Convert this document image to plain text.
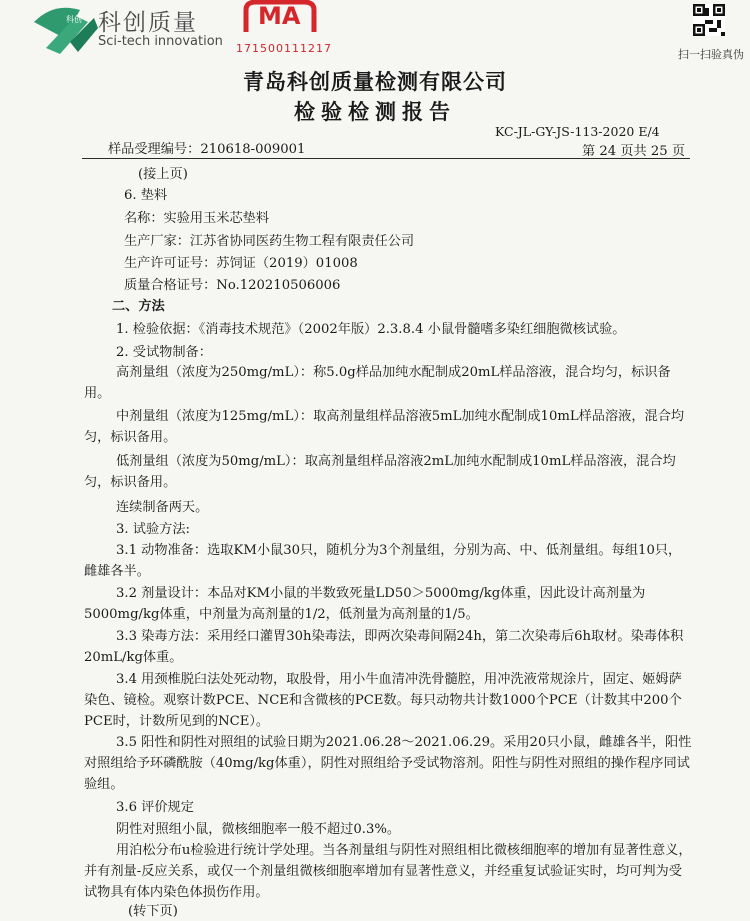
科创 科创质量
Sci-tech innovation
MA
171500111217	扫一扫验真伪
青岛科创质量检测有限公司
检验检测报告
KC-JL-GY-JS-113-2020 E/4
样品受理编号：210618-009001	第 24 页共 25 页
(接上页)
6. 垫料
名称：实验用玉米芯垫料
生产厂家：江苏省协同医药生物工程有限责任公司
生产许可证号：苏饲证（2019）01008
质量合格证号：No.120210506006
二、方法
1. 检验依据：《消毒技术规范》（2002年版）2.3.8.4 小鼠骨髓嗜多染红细胞微核试验。
2. 受试物制备：
高剂量组（浓度为250mg/mL）：称5.0g样品加纯水配制成20mL样品溶液，混合均匀，标识备用。
中剂量组（浓度为125mg/mL）：取高剂量组样品溶液5mL加纯水配制成10mL样品溶液，混合均匀，标识备用。
低剂量组（浓度为50mg/mL）：取高剂量组样品溶液2mL加纯水配制成10mL样品溶液，混合均匀，标识备用。
连续制备两天。
3. 试验方法:
3.1 动物准备：选取KM小鼠30只，随机分为3个剂量组，分别为高、中、低剂量组。每组10只，雌雄各半。
3.2 剂量设计：本品对KM小鼠的半数致死量LD50＞5000mg/kg体重，因此设计高剂量为5000mg/kg体重，中剂量为高剂量的1/2，低剂量为高剂量的1/5。
3.3 染毒方法：采用经口灌胃30h染毒法，即两次染毒间隔24h，第二次染毒后6h取材。染毒体积20mL/kg体重。
3.4 用颈椎脱臼法处死动物，取股骨，用小牛血清冲洗骨髓腔，用冲洗液常规涂片，固定、姬姆萨染色、镜检。观察计数PCE、NCE和含微核的PCE数。每只动物共计数1000个PCE（计数其中200个PCE时，计数所见到的NCE）。
3.5 阳性和阴性对照组的试验日期为2021.06.28～2021.06.29。采用20只小鼠，雌雄各半，阳性对照组给予环磷酰胺（40mg/kg体重），阴性对照组给予受试物溶剂。阳性与阴性对照组的操作程序同试验组。
3.6 评价规定
阴性对照组小鼠，微核细胞率一般不超过0.3%。
用泊松分布u检验进行统计学处理。当各剂量组与阴性对照组相比微核细胞率的增加有显著性意义，并有剂量-反应关系，或仅一个剂量组微核细胞率增加有显著性意义，并经重复试验证实时，均可判为受试物具有体内染色体损伤作用。
(转下页)
